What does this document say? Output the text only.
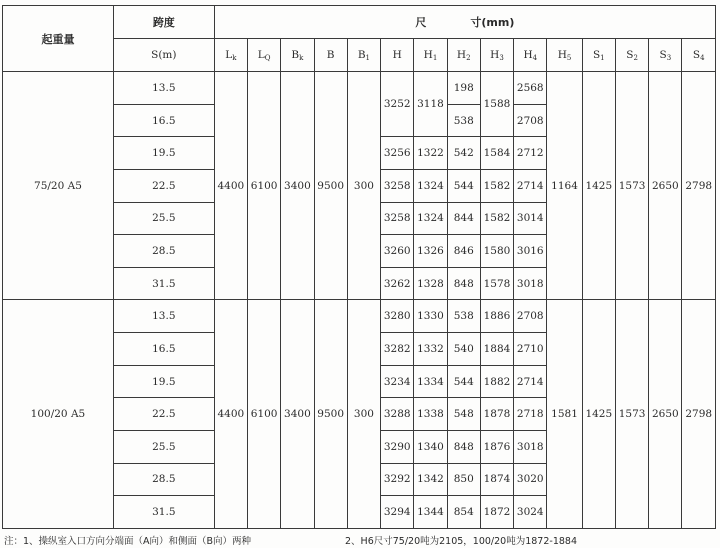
起重量	跨度	尺　　　　寸(mm)														
	S(m)	$L_k$	$L_Q$	$B_k$	B	$B_1$	H	$H_1$	$H_2$	$H_3$	$H_4$	$H_5$	$S_1$	$S_2$	$S_3$	$S_4$
75/20 A5	13.5	4400	6100	3400	9500	300	3252	3118	198	1588	2568	1164	1425	1573	2650	2798
	16.5								538		2708					
	19.5						3256	1322	542	1584	2712					
	22.5						3258	1324	544	1582	2714					
	25.5						3258	1324	844	1582	3014					
	28.5						3260	1326	846	1580	3016					
	31.5						3262	1328	848	1578	3018					
100/20 A5	13.5	4400	6100	3400	9500	300	3280	1330	538	1886	2708	1581	1425	1573	2650	2798
	16.5						3282	1332	540	1884	2710					
	19.5						3234	1334	544	1882	2714					
	22.5						3288	1338	548	1878	2718					
	25.5						3290	1340	848	1876	3018					
	28.5						3292	1342	850	1874	3020					
	31.5						3294	1344	854	1872	3024					
注：1、操纵室入口方向分端面（A向）和侧面（B向）两种	2、H6尺寸75/20吨为2105，100/20吨为1872-1884
